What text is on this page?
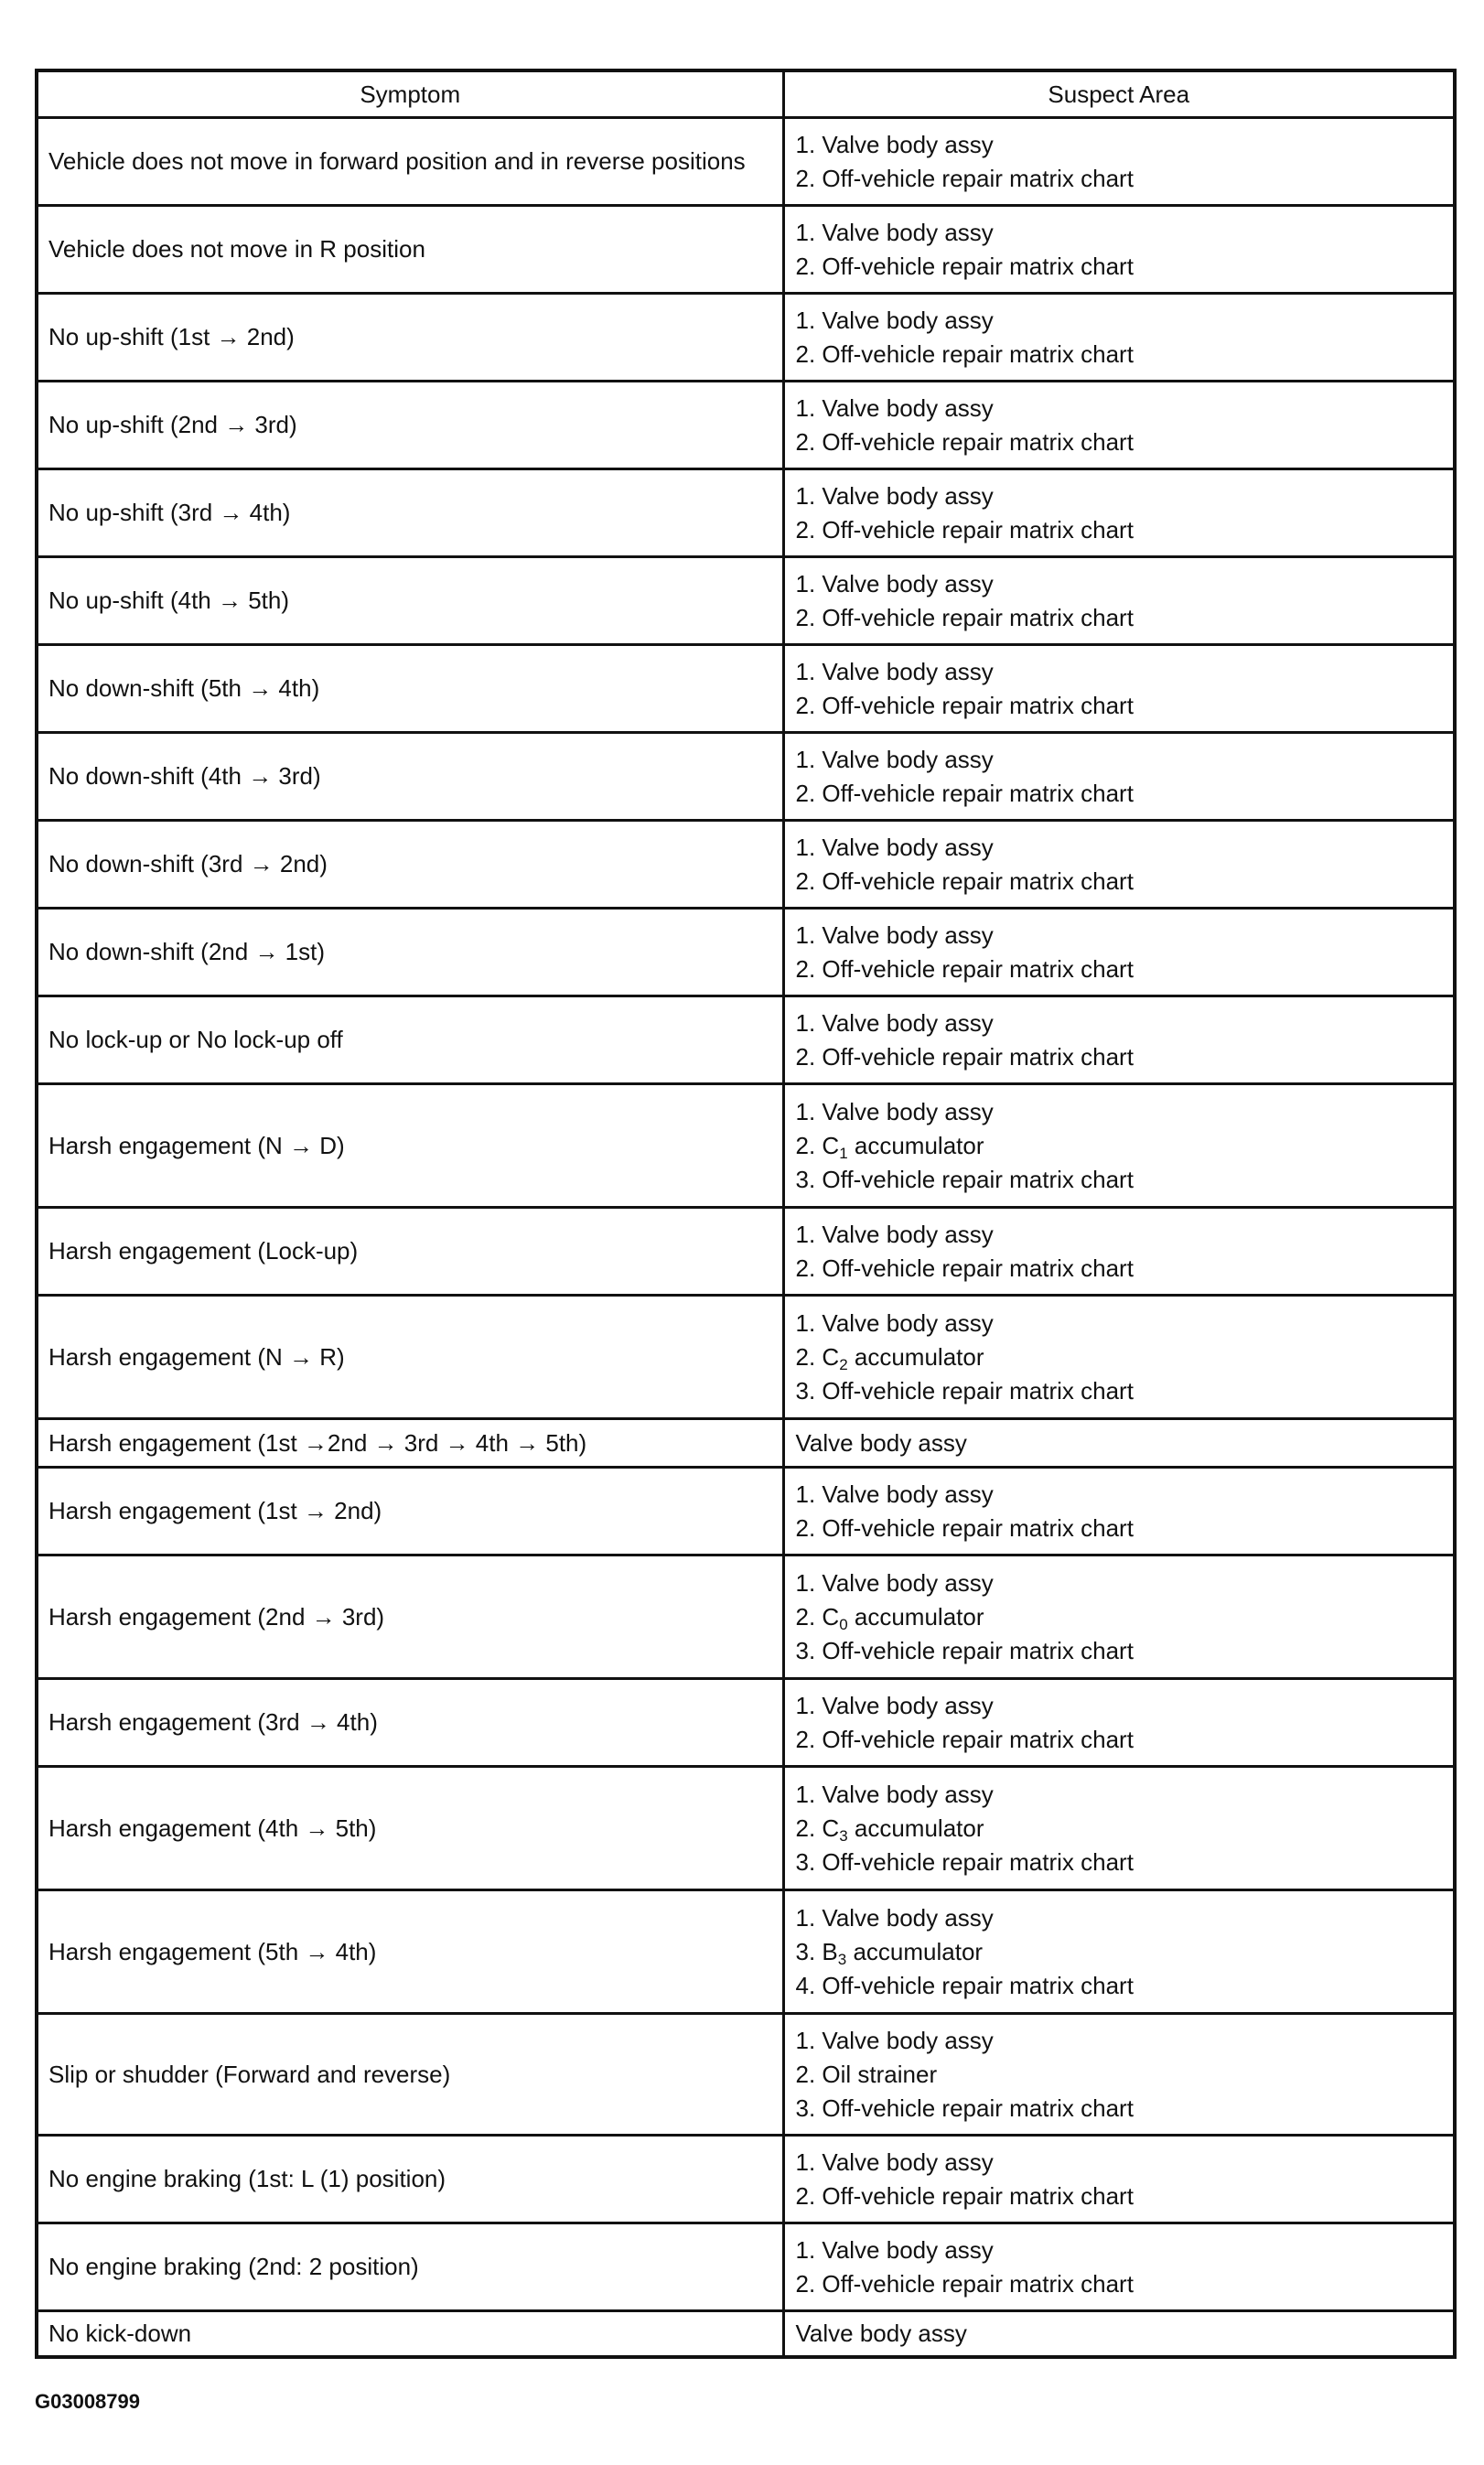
Symptom	Suspect Area
Vehicle does not move in forward position and in reverse positions	1. Valve body assy
2. Off-vehicle repair matrix chart

Vehicle does not move in R position	1. Valve body assy
2. Off-vehicle repair matrix chart

No up-shift (1st → 2nd)	1. Valve body assy
2. Off-vehicle repair matrix chart

No up-shift (2nd → 3rd)	1. Valve body assy
2. Off-vehicle repair matrix chart

No up-shift (3rd → 4th)	1. Valve body assy
2. Off-vehicle repair matrix chart

No up-shift (4th → 5th)	1. Valve body assy
2. Off-vehicle repair matrix chart

No down-shift (5th → 4th)	1. Valve body assy
2. Off-vehicle repair matrix chart

No down-shift (4th → 3rd)	1. Valve body assy
2. Off-vehicle repair matrix chart

No down-shift (3rd → 2nd)	1. Valve body assy
2. Off-vehicle repair matrix chart

No down-shift (2nd → 1st)	1. Valve body assy
2. Off-vehicle repair matrix chart

No lock-up or No lock-up off	1. Valve body assy
2. Off-vehicle repair matrix chart

Harsh engagement (N → D)	1. Valve body assy
2. $C_1$ accumulator
3. Off-vehicle repair matrix chart

Harsh engagement (Lock-up)	1. Valve body assy
2. Off-vehicle repair matrix chart

Harsh engagement (N → R)	1. Valve body assy
2. $C_2$ accumulator
3. Off-vehicle repair matrix chart

Harsh engagement (1st →2nd → 3rd → 4th → 5th)	Valve body assy

Harsh engagement (1st → 2nd)	1. Valve body assy
2. Off-vehicle repair matrix chart

Harsh engagement (2nd → 3rd)	1. Valve body assy
2. $C_0$ accumulator
3. Off-vehicle repair matrix chart

Harsh engagement (3rd → 4th)	1. Valve body assy
2. Off-vehicle repair matrix chart

Harsh engagement (4th → 5th)	1. Valve body assy
2. $C_3$ accumulator
3. Off-vehicle repair matrix chart

Harsh engagement (5th → 4th)	1. Valve body assy
3. $B_3$ accumulator
4. Off-vehicle repair matrix chart

Slip or shudder (Forward and reverse)	1. Valve body assy
2. Oil strainer
3. Off-vehicle repair matrix chart

No engine braking (1st: L (1) position)	1. Valve body assy
2. Off-vehicle repair matrix chart

No engine braking (2nd: 2 position)	1. Valve body assy
2. Off-vehicle repair matrix chart

No kick-down	Valve body assy
G03008799
